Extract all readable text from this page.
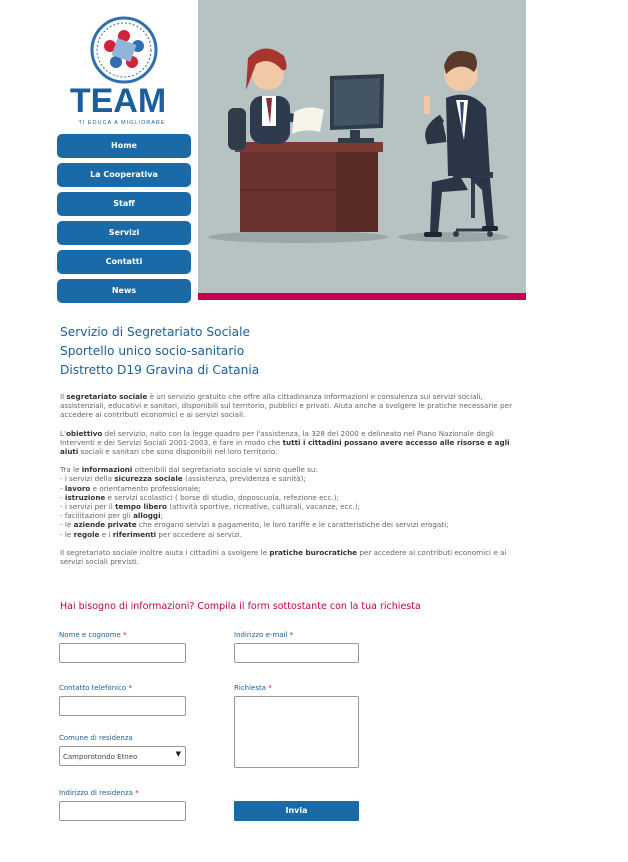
TEAM
TI EDUCA A MIGLIORARE
Home
La Cooperativa
Staff
Servizi
Contatti
News
Servizio di Segretariato Sociale
Sportello unico socio-sanitario
Distretto D19 Gravina di Catania

Il segretariato sociale è un servizio gratuito che offre alla cittadinanza informazioni e consulenza sui servizi sociali, assistenziali, educativi e sanitari, disponibili sul territorio, pubblici e privati. Aiuta anche a svolgere le pratiche necessarie per accedere ai contributi economici e ai servizi sociali.

L'obiettivo del servizio, nato con la legge quadro per l'assistenza, la 328 del 2000 e delineato nel Piano Nazionale degli Interventi e dei Servizi Sociali 2001-2003, è fare in modo che tutti i cittadini possano avere accesso alle risorse e agli aiuti sociali e sanitari che sono disponibili nel loro territorio.

Tra le informazioni ottenibili dal segretariato sociale vi sono quelle su:
- i servizi della sicurezza sociale (assistenza, previdenza e sanità);
- lavoro e orientamento professionale;
- istruzione e servizi scolastici ( borse di studio, doposcuola, refezione ecc.);
- i servizi per il tempo libero (attività sportive, ricreative, culturali, vacanze, ecc.);
- facilitazioni per gli alloggi;
- le aziende private che erogano servizi a pagamento, le loro tariffe e le caratteristiche dei servizi erogati;
- le regole e i riferimenti per accedere ai servizi.

Il segretariato sociale inoltre aiuta i cittadini a svolgere le pratiche burocratiche per accedere ai contributi economici e ai servizi sociali previsti.

Hai bisogno di informazioni? Compila il form sottostante con la tua richiesta
Nome e cognome *	Indirizzo e-mail *
Contatto telefonico *	Richiesta *
Comune di residenza
Camporotondo Etneo	▼
Indirizzo di residenza *
Invia
